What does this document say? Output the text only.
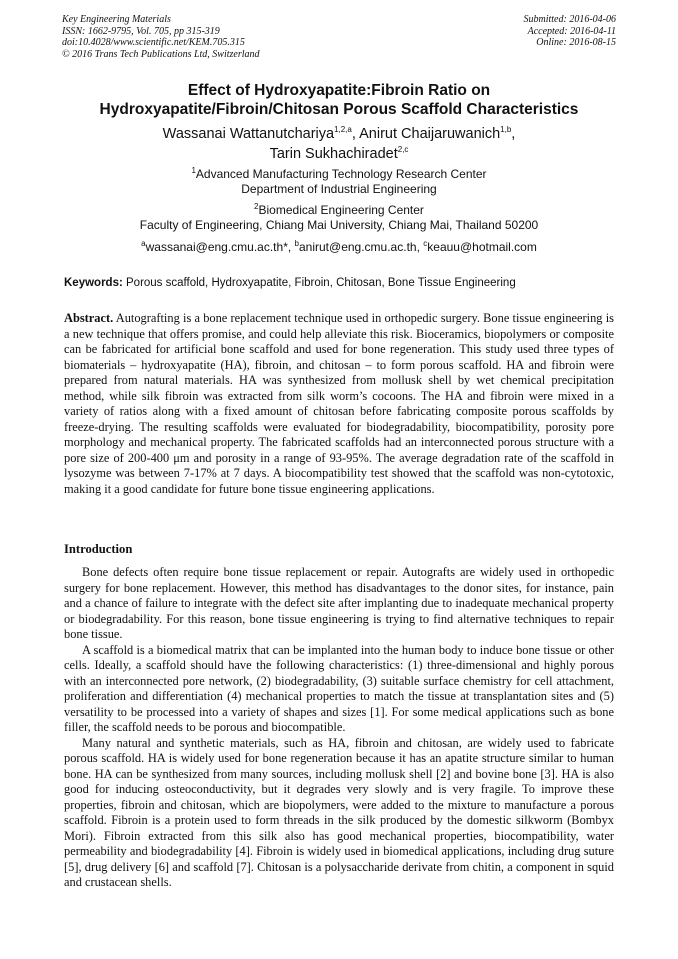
Key Engineering Materials
ISSN: 1662-9795, Vol. 705, pp 315-319
doi:10.4028/www.scientific.net/KEM.705.315
© 2016 Trans Tech Publications Ltd, Switzerland
Submitted: 2016-04-06
Accepted: 2016-04-11
Online: 2016-08-15
Effect of Hydroxyapatite:Fibroin Ratio on
Hydroxyapatite/Fibroin/Chitosan Porous Scaffold Characteristics
Wassanai Wattanutchariya$^{1,2,a}$, Anirut Chaijaruwanich$^{1,b}$,
Tarin Sukhachiradet$^{2,c}$
$^1$Advanced Manufacturing Technology Research Center
Department of Industrial Engineering
$^2$Biomedical Engineering Center
Faculty of Engineering, Chiang Mai University, Chiang Mai, Thailand 50200
$^a$wassanai@eng.cmu.ac.th*, $^b$anirut@eng.cmu.ac.th, $^c$keauu@hotmail.com
Keywords: Porous scaffold, Hydroxyapatite, Fibroin, Chitosan, Bone Tissue Engineering
Abstract. Autografting is a bone replacement technique used in orthopedic surgery. Bone tissue engineering is a new technique that offers promise, and could help alleviate this risk. Bioceramics, biopolymers or composite can be fabricated for artificial bone scaffold and used for bone regeneration. This study used three types of biomaterials – hydroxyapatite (HA), fibroin, and chitosan – to form porous scaffold. HA and fibroin were prepared from natural materials. HA was synthesized from mollusk shell by wet chemical precipitation method, while silk fibroin was extracted from silk worm’s cocoons. The HA and fibroin were mixed in a variety of ratios along with a fixed amount of chitosan before fabricating composite porous scaffolds by freeze-drying. The resulting scaffolds were evaluated for biodegradability, biocompatibility, porosity pore morphology and mechanical property. The fabricated scaffolds had an interconnected porous structure with a pore size of 200-400 μm and porosity in a range of 93-95%. The average degradation rate of the scaffold in lysozyme was between 7-17% at 7 days. A biocompatibility test showed that the scaffold was non-cytotoxic, making it a good candidate for future bone tissue engineering applications.
Introduction

Bone defects often require bone tissue replacement or repair. Autografts are widely used in orthopedic surgery for bone replacement. However, this method has disadvantages to the donor sites, for instance, pain and a chance of failure to integrate with the defect site after implanting due to inadequate mechanical property or biodegradability. For this reason, bone tissue engineering is trying to find alternative techniques to repair bone tissue.

A scaffold is a biomedical matrix that can be implanted into the human body to induce bone tissue or other cells. Ideally, a scaffold should have the following characteristics: (1) three-dimensional and highly porous with an interconnected pore network, (2) biodegradability, (3) suitable surface chemistry for cell attachment, proliferation and differentiation (4) mechanical properties to match the tissue at transplantation sites and (5) versatility to be processed into a variety of shapes and sizes [1]. For some medical applications such as bone filler, the scaffold needs to be porous and biocompatible.

Many natural and synthetic materials, such as HA, fibroin and chitosan, are widely used to fabricate porous scaffold. HA is widely used for bone regeneration because it has an apatite structure similar to human bone. HA can be synthesized from many sources, including mollusk shell [2] and bovine bone [3]. HA is also good for inducing osteoconductivity, but it degrades very slowly and is very fragile. To improve these properties, fibroin and chitosan, which are biopolymers, were added to the mixture to manufacture a porous scaffold. Fibroin is a protein used to form threads in the silk produced by the domestic silkworm (Bombyx Mori). Fibroin extracted from this silk also has good mechanical properties, biocompatibility, water permeability and biodegradability [4]. Fibroin is widely used in biomedical applications, including drug suture [5], drug delivery [6] and scaffold [7]. Chitosan is a polysaccharide derivate from chitin, a component in squid and crustacean shells.
